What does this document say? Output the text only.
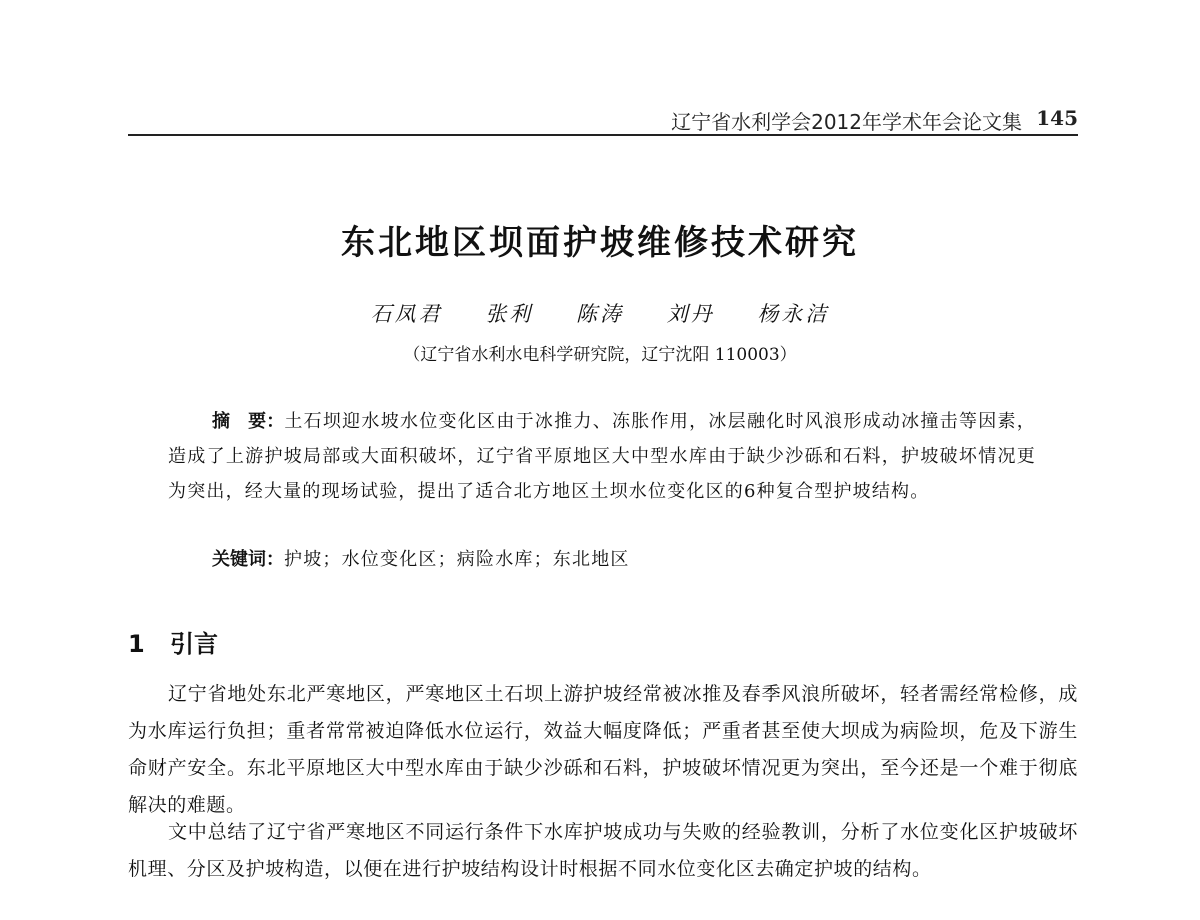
辽宁省水利学会2012年学术年会论文集 145
东北地区坝面护坡维修技术研究
石凤君 张利 陈涛 刘丹 杨永洁
（辽宁省水利水电科学研究院，辽宁沈阳 110003）
摘　要：土石坝迎水坡水位变化区由于冰推力、冻胀作用，冰层融化时风浪形成动冰撞击等因素，造成了上游护坡局部或大面积破坏，辽宁省平原地区大中型水库由于缺少沙砾和石料，护坡破坏情况更为突出，经大量的现场试验，提出了适合北方地区土坝水位变化区的6种复合型护坡结构。
关键词：护坡；水位变化区；病险水库；东北地区
1 引言
辽宁省地处东北严寒地区，严寒地区土石坝上游护坡经常被冰推及春季风浪所破坏，轻者需经常检修，成为水库运行负担；重者常常被迫降低水位运行，效益大幅度降低；严重者甚至使大坝成为病险坝，危及下游生命财产安全。东北平原地区大中型水库由于缺少沙砾和石料，护坡破坏情况更为突出，至今还是一个难于彻底解决的难题。
文中总结了辽宁省严寒地区不同运行条件下水库护坡成功与失败的经验教训，分析了水位变化区护坡破坏机理、分区及护坡构造，以便在进行护坡结构设计时根据不同水位变化区去确定护坡的结构。
